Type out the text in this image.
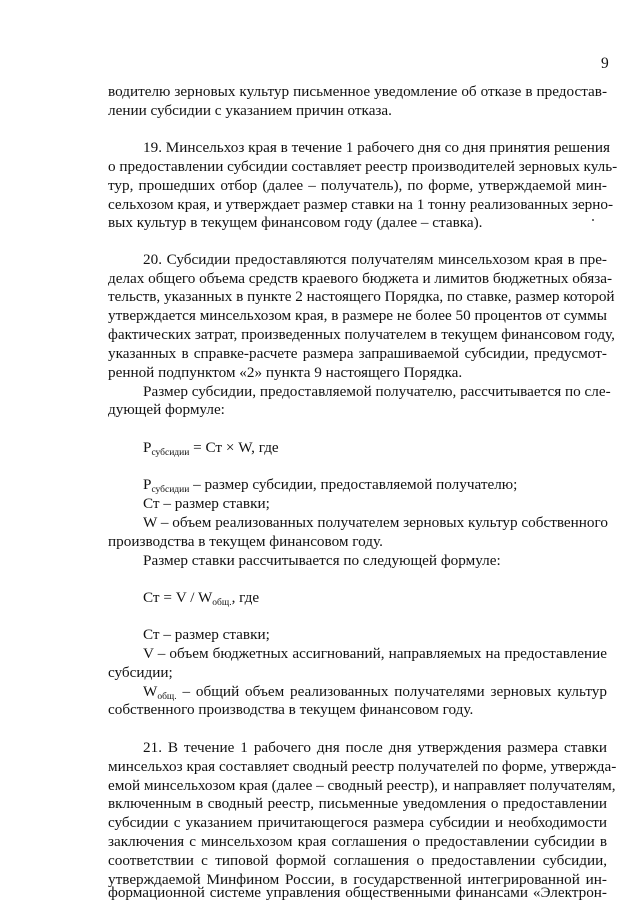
9
водителю зерновых культур письменное уведомление об отказе в предостав-
лении субсидии с указанием причин отказа.
19. Минсельхоз края в течение 1 рабочего дня со дня принятия решения
о предоставлении субсидии составляет реестр производителей зерновых куль-
тур, прошедших отбор (далее – получатель), по форме, утверждаемой мин-
сельхозом края, и утверждает размер ставки на 1 тонну реализованных зерно-
вых культур в текущем финансовом году (далее – ставка).
20. Субсидии предоставляются получателям минсельхозом края в пре-
делах общего объема средств краевого бюджета и лимитов бюджетных обяза-
тельств, указанных в пункте 2 настоящего Порядка, по ставке, размер которой
утверждается минсельхозом края, в размере не более 50 процентов от суммы
фактических затрат, произведенных получателем в текущем финансовом году,
указанных в справке-расчете размера запрашиваемой субсидии, предусмот-
ренной подпунктом «2» пункта 9 настоящего Порядка.
Размер субсидии, предоставляемой получателю, рассчитывается по сле-
дующей формуле:
$Р_{субсидии}$ = Ст × W, где
$Р_{субсидии}$ – размер субсидии, предоставляемой получателю;
Ст – размер ставки;
W – объем реализованных получателем зерновых культур собственного
производства в текущем финансовом году.
Размер ставки рассчитывается по следующей формуле:
Ст = V / $W_{общ.}$, где
Ст – размер ставки;
V – объем бюджетных ассигнований, направляемых на предоставление
субсидии;
$W_{общ.}$ – общий объем реализованных получателями зерновых культур
собственного производства в текущем финансовом году.
21. В течение 1 рабочего дня после дня утверждения размера ставки
минсельхоз края составляет сводный реестр получателей по форме, утвержда-
емой минсельхозом края (далее – сводный реестр), и направляет получателям,
включенным в сводный реестр, письменные уведомления о предоставлении
субсидии с указанием причитающегося размера субсидии и необходимости
заключения с минсельхозом края соглашения о предоставлении субсидии в
соответствии с типовой формой соглашения о предоставлении субсидии,
утверждаемой Минфином России, в государственной интегрированной ин-
формационной системе управления общественными финансами «Электрон-
